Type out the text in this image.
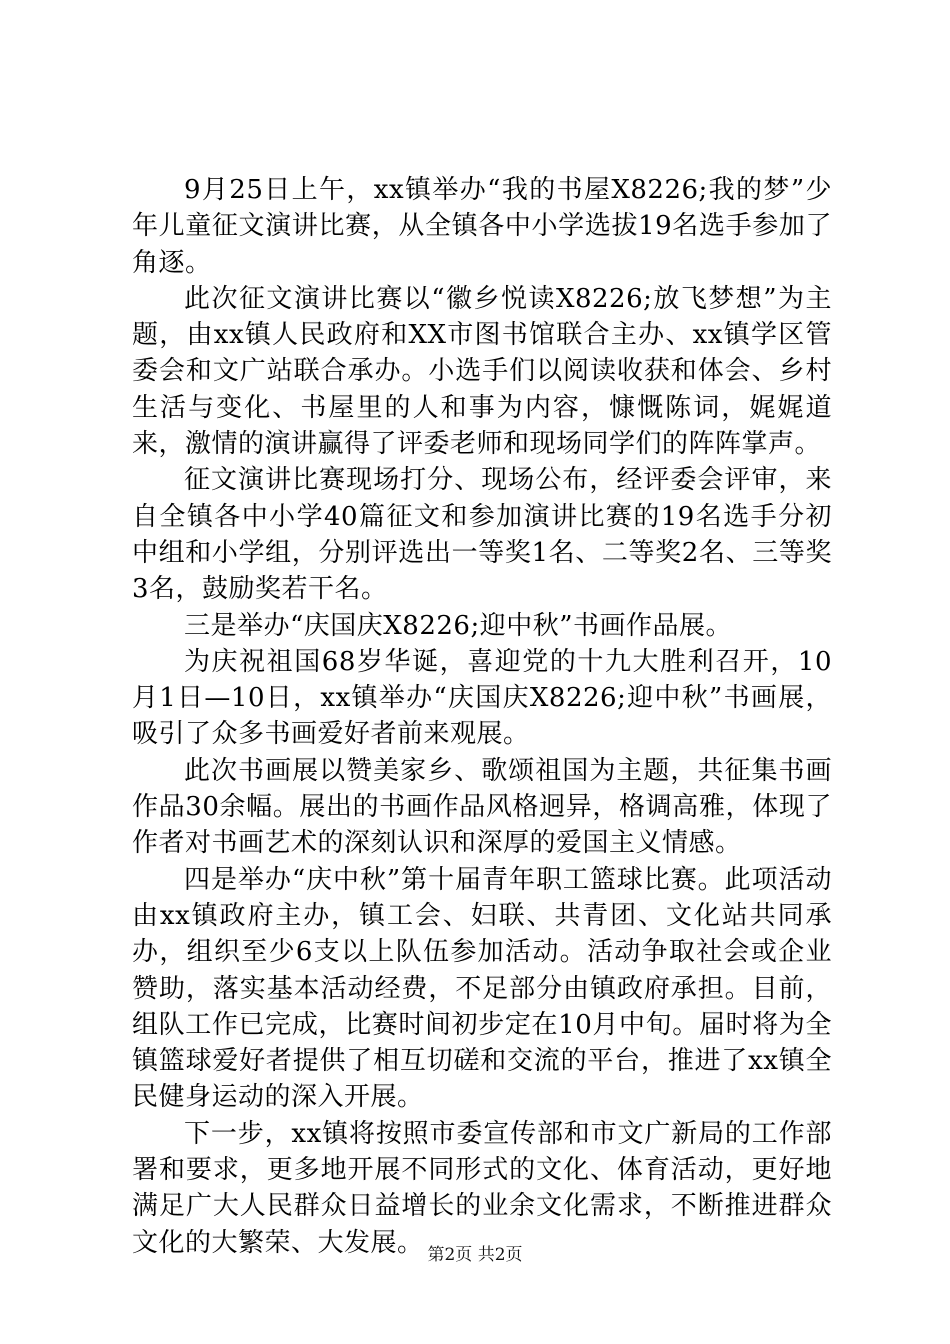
9月25日上午，xx镇举办“我的书屋X8226;我的梦”少年儿童征文演讲比赛，从全镇各中小学选拔19名选手参加了角逐。

此次征文演讲比赛以“徽乡悦读X8226;放飞梦想”为主题，由xx镇人民政府和XX市图书馆联合主办、xx镇学区管委会和文广站联合承办。小选手们以阅读收获和体会、乡村生活与变化、书屋里的人和事为内容，慷慨陈词，娓娓道来，激情的演讲赢得了评委老师和现场同学们的阵阵掌声。

征文演讲比赛现场打分、现场公布，经评委会评审，来自全镇各中小学40篇征文和参加演讲比赛的19名选手分初中组和小学组，分别评选出一等奖1名、二等奖2名、三等奖3名，鼓励奖若干名。

三是举办“庆国庆X8226;迎中秋”书画作品展。

为庆祝祖国68岁华诞，喜迎党的十九大胜利召开，10月1日—10日，xx镇举办“庆国庆X8226;迎中秋”书画展，吸引了众多书画爱好者前来观展。

此次书画展以赞美家乡、歌颂祖国为主题，共征集书画作品30余幅。展出的书画作品风格迥异，格调高雅，体现了作者对书画艺术的深刻认识和深厚的爱国主义情感。

四是举办“庆中秋”第十届青年职工篮球比赛。此项活动由xx镇政府主办，镇工会、妇联、共青团、文化站共同承办，组织至少6支以上队伍参加活动。活动争取社会或企业赞助，落实基本活动经费，不足部分由镇政府承担。目前，组队工作已完成，比赛时间初步定在10月中旬。届时将为全镇篮球爱好者提供了相互切磋和交流的平台，推进了xx镇全民健身运动的深入开展。

下一步，xx镇将按照市委宣传部和市文广新局的工作部署和要求，更多地开展不同形式的文化、体育活动，更好地满足广大人民群众日益增长的业余文化需求，不断推进群众文化的大繁荣、大发展。 第2页 共2页
